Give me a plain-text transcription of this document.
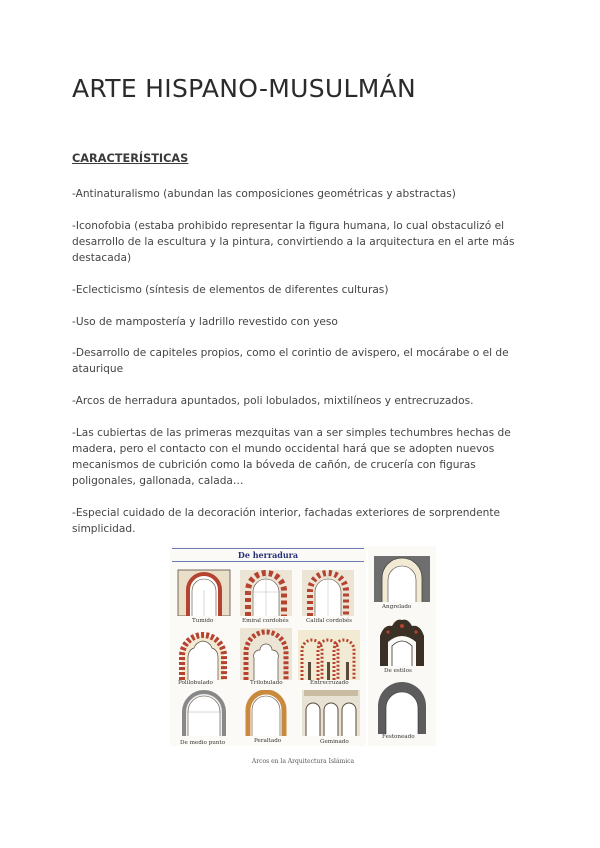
ARTE HISPANO-MUSULMÁN
CARACTERÍSTICAS

-Antinaturalismo (abundan las composiciones geométricas y abstractas)

-Iconofobia (estaba prohibido representar la figura humana, lo cual obstaculizó el desarrollo de la escultura y la pintura, convirtiendo a la arquitectura en el arte más destacada)

-Eclecticismo (síntesis de elementos de diferentes culturas)

-Uso de mampostería y ladrillo revestido con yeso

-Desarrollo de capiteles propios, como el corintio de avispero, el mocárabe o el de ataurique

-Arcos de herradura apuntados, poli lobulados, mixtilíneos y entrecruzados.

-Las cubiertas de las primeras mezquitas van a ser simples techumbres hechas de madera, pero el contacto con el mundo occidental hará que se adopten nuevos mecanismos de cubrición como la bóveda de cañón, de crucería con figuras poligonales, gallonada, calada…

-Especial cuidado de la decoración interior, fachadas exteriores de sorprendente simplicidad.

De herradura
Tumido	Emiral cordobés	Califal cordobés
Polilobulado	Trilobulado	Entrecruzado
De medio punto	Peraltado	Geminado
Angrelado
De estilos
Festoneado
Arcos en la Arquitectura Islámica
